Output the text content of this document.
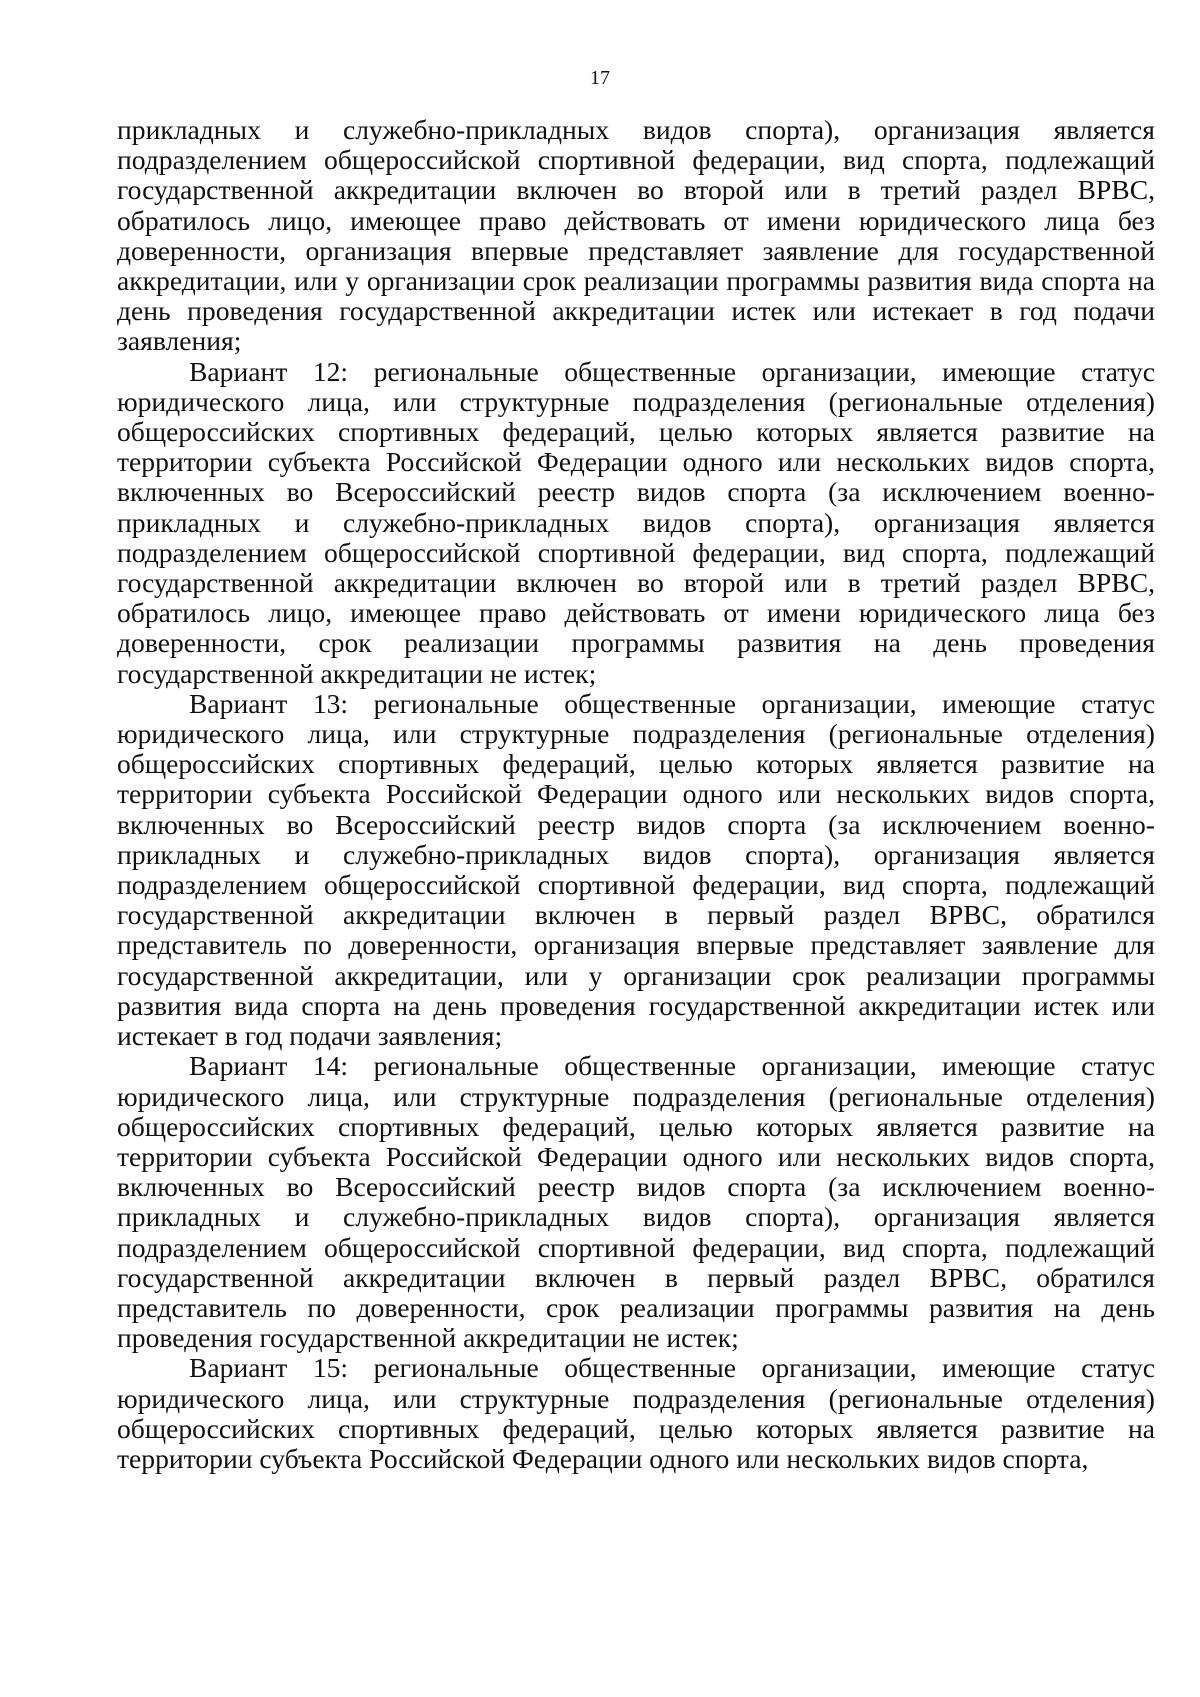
17

прикладных и служебно-прикладных видов спорта), организация является подразделением общероссийской спортивной федерации, вид спорта, подлежащий государственной аккредитации включен во второй или в третий раздел ВРВС, обратилось лицо, имеющее право действовать от имени юридического лица без доверенности, организация впервые представляет заявление для государственной аккредитации, или у организации срок реализации программы развития вида спорта на день проведения государственной аккредитации истек или истекает в год подачи заявления;

Вариант 12: региональные общественные организации, имеющие статус юридического лица, или структурные подразделения (региональные отделения) общероссийских спортивных федераций, целью которых является развитие на территории субъекта Российской Федерации одного или нескольких видов спорта, включенных во Всероссийский реестр видов спорта (за исключением военно-прикладных и служебно-прикладных видов спорта), организация является подразделением общероссийской спортивной федерации, вид спорта, подлежащий государственной аккредитации включен во второй или в третий раздел ВРВС, обратилось лицо, имеющее право действовать от имени юридического лица без доверенности, срок реализации программы развития на день проведения государственной аккредитации не истек;

Вариант 13: региональные общественные организации, имеющие статус юридического лица, или структурные подразделения (региональные отделения) общероссийских спортивных федераций, целью которых является развитие на территории субъекта Российской Федерации одного или нескольких видов спорта, включенных во Всероссийский реестр видов спорта (за исключением военно-прикладных и служебно-прикладных видов спорта), организация является подразделением общероссийской спортивной федерации, вид спорта, подлежащий государственной аккредитации включен в первый раздел ВРВС, обратился представитель по доверенности, организация впервые представляет заявление для государственной аккредитации, или у организации срок реализации программы развития вида спорта на день проведения государственной аккредитации истек или истекает в год подачи заявления;

Вариант 14: региональные общественные организации, имеющие статус юридического лица, или структурные подразделения (региональные отделения) общероссийских спортивных федераций, целью которых является развитие на территории субъекта Российской Федерации одного или нескольких видов спорта, включенных во Всероссийский реестр видов спорта (за исключением военно-прикладных и служебно-прикладных видов спорта), организация является подразделением общероссийской спортивной федерации, вид спорта, подлежащий государственной аккредитации включен в первый раздел ВРВС, обратился представитель по доверенности, срок реализации программы развития на день проведения государственной аккредитации не истек;

Вариант 15: региональные общественные организации, имеющие статус юридического лица, или структурные подразделения (региональные отделения) общероссийских спортивных федераций, целью которых является развитие на территории субъекта Российской Федерации одного или нескольких видов спорта,
